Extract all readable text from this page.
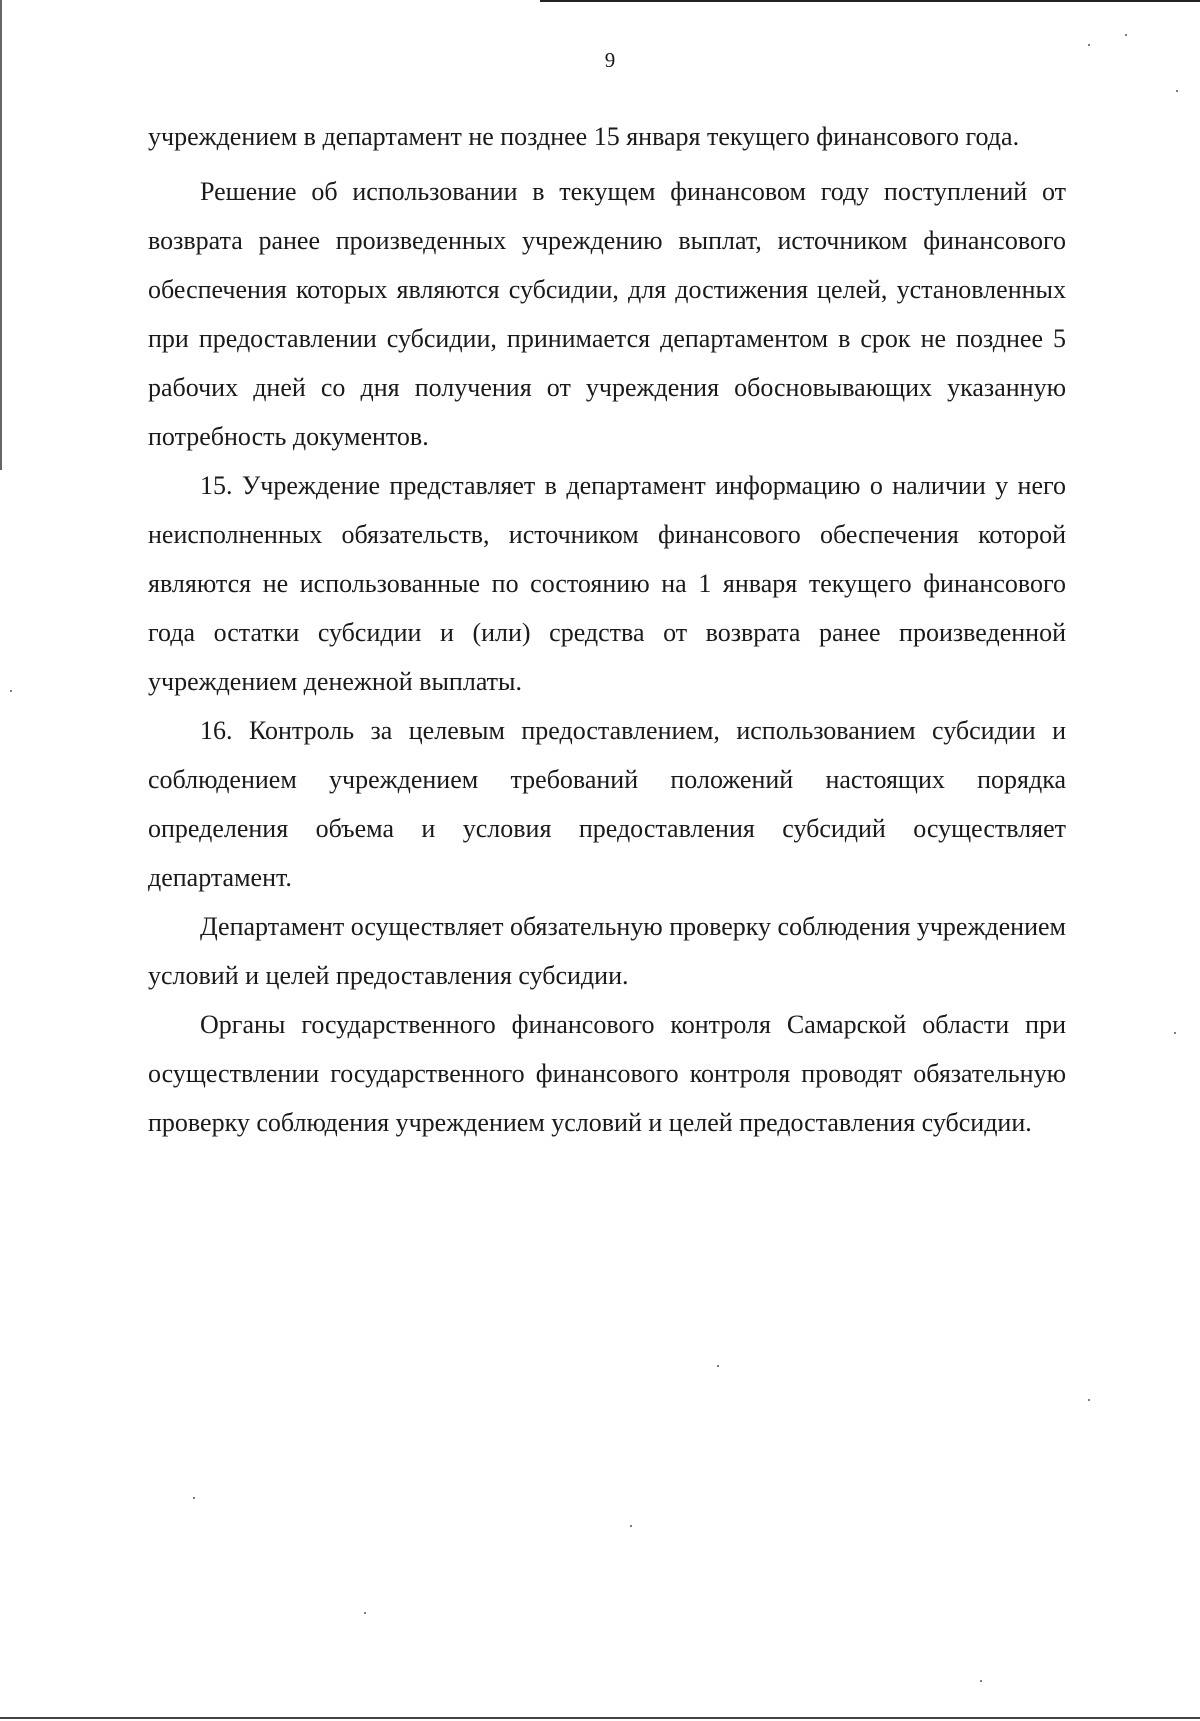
9

учреждением в департамент не позднее 15 января текущего финансового года.

Решение об использовании в текущем финансовом году поступлений от возврата ранее произведенных учреждению выплат, источником финансового обеспечения которых являются субсидии, для достижения целей, установленных при предоставлении субсидии, принимается департаментом в срок не позднее 5 рабочих дней со дня получения от учреждения обосновывающих указанную потребность документов.

15. Учреждение представляет в департамент информацию о наличии у него неисполненных обязательств, источником финансового обеспечения которой являются не использованные по состоянию на 1 января текущего финансового года остатки субсидии и (или) средства от возврата ранее произведенной учреждением денежной выплаты.

16. Контроль за целевым предоставлением, использованием субсидии и соблюдением учреждением требований положений настоящих порядка определения объема и условия предоставления субсидий осуществляет департамент.

Департамент осуществляет обязательную проверку соблюдения учреждением условий и целей предоставления субсидии.

Органы государственного финансового контроля Самарской области при осуществлении государственного финансового контроля проводят обязательную проверку соблюдения учреждением условий и целей предоставления субсидии.
